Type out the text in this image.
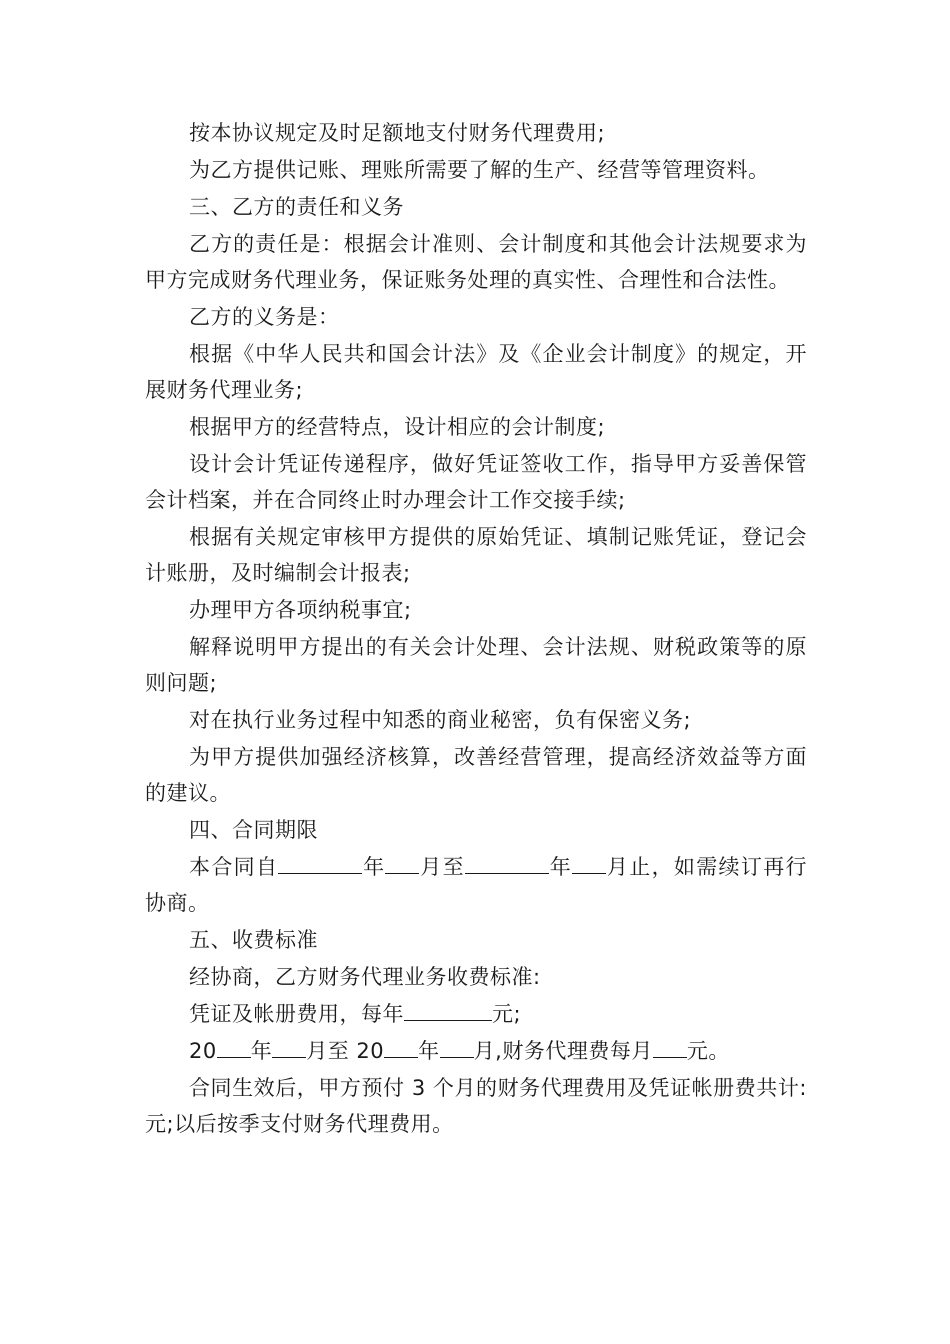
按本协议规定及时足额地支付财务代理费用;

为乙方提供记账、理账所需要了解的生产、经营等管理资料。

三、乙方的责任和义务

乙方的责任是：根据会计准则、会计制度和其他会计法规要求为甲方完成财务代理业务，保证账务处理的真实性、合理性和合法性。

乙方的义务是：

根据《中华人民共和国会计法》及《企业会计制度》的规定，开展财务代理业务;

根据甲方的经营特点，设计相应的会计制度;

设计会计凭证传递程序，做好凭证签收工作，指导甲方妥善保管会计档案，并在合同终止时办理会计工作交接手续;

根据有关规定审核甲方提供的原始凭证、填制记账凭证，登记会计账册，及时编制会计报表;

办理甲方各项纳税事宜;

解释说明甲方提出的有关会计处理、会计法规、财税政策等的原则问题;

对在执行业务过程中知悉的商业秘密，负有保密义务;

为甲方提供加强经济核算，改善经营管理，提高经济效益等方面的建议。

四、合同期限

本合同自	年 月至	年 月止，如需续订再行协商。

五、收费标准

经协商，乙方财务代理业务收费标准:

凭证及帐册费用，每年	元;

20 年 月至 20 年 月,财务代理费每月 元。

合同生效后，甲方预付 3 个月的财务代理费用及凭证帐册费共计:元;以后按季支付财务代理费用。
